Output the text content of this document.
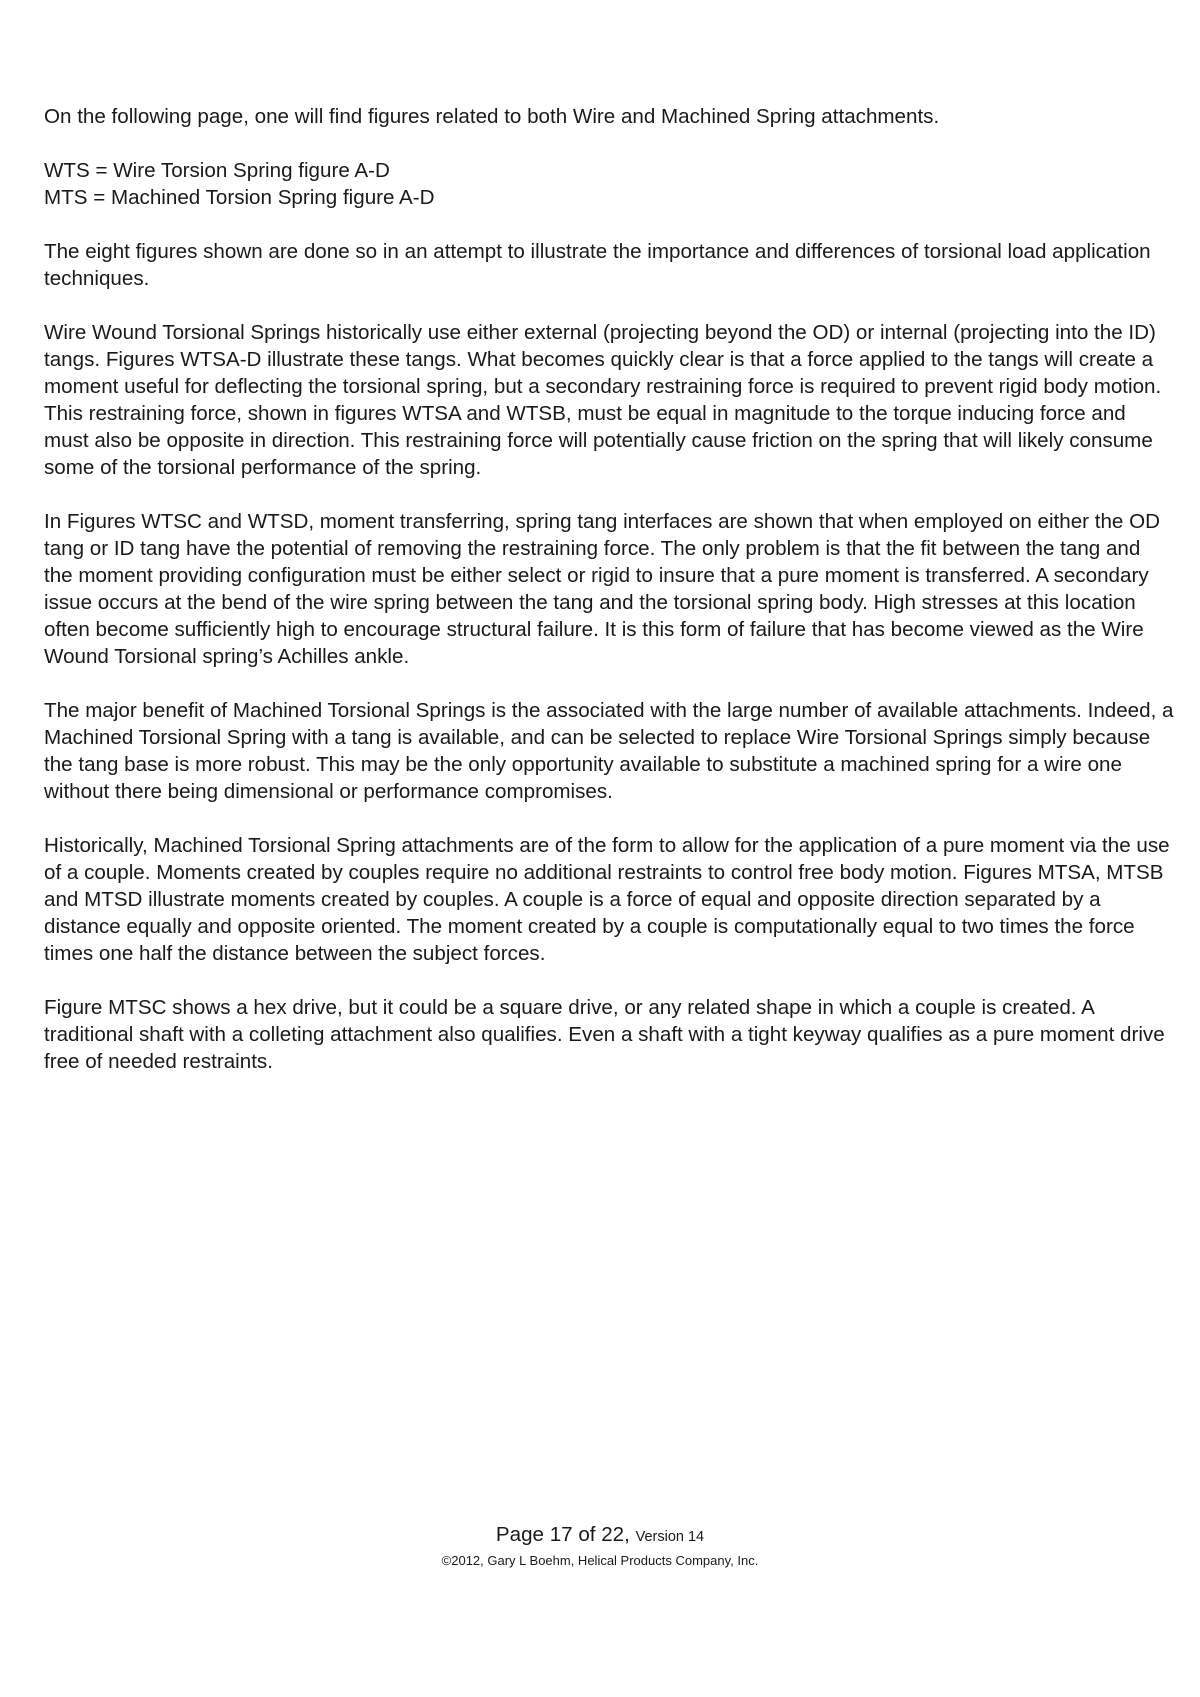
On the following page, one will find figures related to both Wire and Machined Spring attachments.

WTS = Wire Torsion Spring figure A-D
MTS = Machined Torsion Spring figure A-D

The eight figures shown are done so in an attempt to illustrate the importance and differences of torsional load application techniques.

Wire Wound Torsional Springs historically use either external (projecting beyond the OD) or internal (projecting into the ID) tangs. Figures WTSA-D illustrate these tangs. What becomes quickly clear is that a force applied to the tangs will create a moment useful for deflecting the torsional spring, but a secondary restraining force is required to prevent rigid body motion. This restraining force, shown in figures WTSA and WTSB, must be equal in magnitude to the torque inducing force and must also be opposite in direction. This restraining force will potentially cause friction on the spring that will likely consume some of the torsional performance of the spring.

In Figures WTSC and WTSD, moment transferring, spring tang interfaces are shown that when employed on either the OD tang or ID tang have the potential of removing the restraining force. The only problem is that the fit between the tang and the moment providing configuration must be either select or rigid to insure that a pure moment is transferred. A secondary issue occurs at the bend of the wire spring between the tang and the torsional spring body. High stresses at this location often become sufficiently high to encourage structural failure. It is this form of failure that has become viewed as the Wire Wound Torsional spring’s Achilles ankle.

The major benefit of Machined Torsional Springs is the associated with the large number of available attachments. Indeed, a Machined Torsional Spring with a tang is available, and can be selected to replace Wire Torsional Springs simply because the tang base is more robust. This may be the only opportunity available to substitute a machined spring for a wire one without there being dimensional or performance compromises.

Historically, Machined Torsional Spring attachments are of the form to allow for the application of a pure moment via the use of a couple. Moments created by couples require no additional restraints to control free body motion. Figures MTSA, MTSB and MTSD illustrate moments created by couples. A couple is a force of equal and opposite direction separated by a distance equally and opposite oriented. The moment created by a couple is computationally equal to two times the force times one half the distance between the subject forces.

Figure MTSC shows a hex drive, but it could be a square drive, or any related shape in which a couple is created. A traditional shaft with a colleting attachment also qualifies. Even a shaft with a tight keyway qualifies as a pure moment drive free of needed restraints.

Page 17 of 22, Version 14
©2012, Gary L Boehm, Helical Products Company, Inc.
